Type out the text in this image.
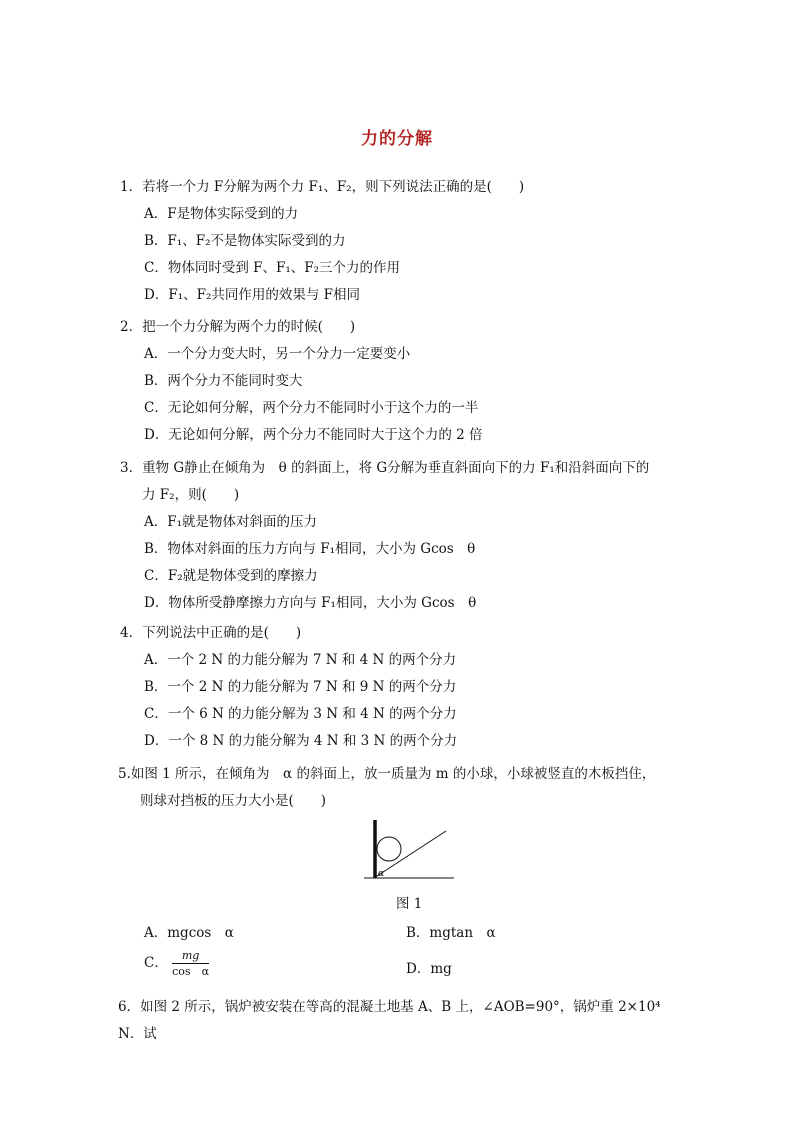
力的分解

1．若将一个力 F分解为两个力 F₁、F₂，则下列说法正确的是(　　)

A．F是物体实际受到的力
B．F₁、F₂不是物体实际受到的力
C．物体同时受到 F、F₁、F₂三个力的作用
D．F₁、F₂共同作用的效果与 F相同

2．把一个力分解为两个力的时候(　　)

A．一个分力变大时，另一个分力一定要变小
B．两个分力不能同时变大
C．无论如何分解，两个分力不能同时小于这个力的一半
D．无论如何分解，两个分力不能同时大于这个力的 2 倍

3．重物 G静止在倾角为　θ 的斜面上，将 G分解为垂直斜面向下的力 F₁和沿斜面向下的
力 F₂，则(　　)

A．F₁就是物体对斜面的压力
B．物体对斜面的压力方向与 F₁相同，大小为 Gcos　θ
C．F₂就是物体受到的摩擦力
D．物体所受静摩擦力方向与 F₁相同，大小为 Gcos　θ

4．下列说法中正确的是(　　)

A．一个 2 N 的力能分解为 7 N 和 4 N 的两个分力
B．一个 2 N 的力能分解为 7 N 和 9 N 的两个分力
C．一个 6 N 的力能分解为 3 N 和 4 N 的两个分力
D．一个 8 N 的力能分解为 4 N 和 3 N 的两个分力

5.如图 1 所示，在倾角为　α 的斜面上，放一质量为 m 的小球，小球被竖直的木板挡住，
则球对挡板的压力大小是(　　)

α
图 1
A．mgcos　α	B．mgtan　α
C． $\frac{mg}{\text{cos　α}}$	D．mg

6．如图 2 所示，锅炉被安装在等高的混凝土地基 A、B 上，∠AOB=90°，锅炉重 2×10⁴ N．试
